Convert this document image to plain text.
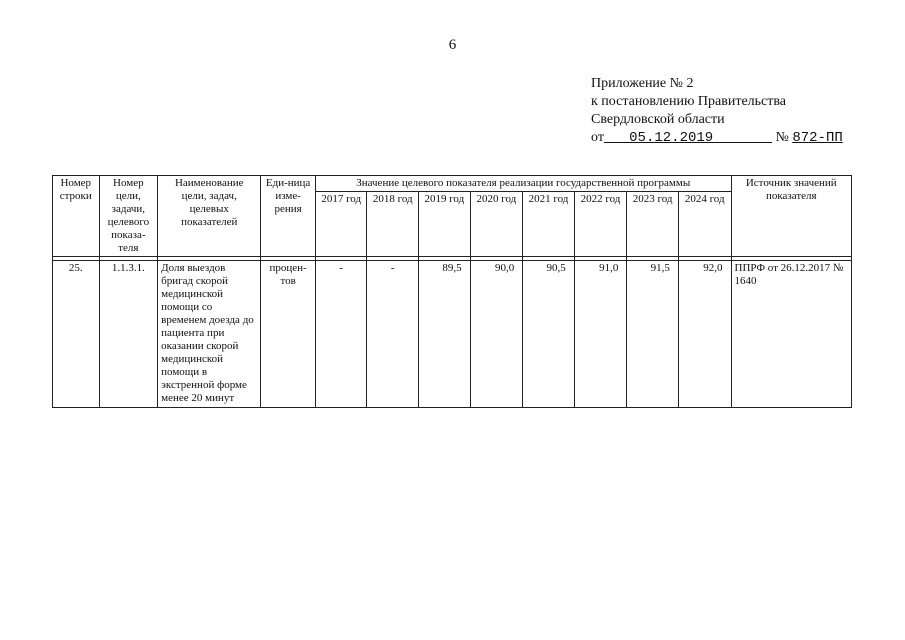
6
Приложение № 2
к постановлению Правительства
Свердловской области
от 05.12.2019	№ 872-ПП
Номер строки	Номер цели, задачи, целевого показа-теля	Наименование цели, задач, целевых показателей	Еди-ница изме-рения	Значение целевого показателя реализации государственной программы								Источник значений показателя
				2017 год	2018 год	2019 год	2020 год	2021 год	2022 год	2023 год	2024 год	

25.	1.1.3.1.	Доля выездов бригад скорой медицинской помощи со временем доезда до пациента при оказании скорой медицинской помощи в экстренной форме менее 20 минут	процен-тов	-	-	89,5	90,0	90,5	91,0	91,5	92,0	ППРФ от 26.12.2017 № 1640
